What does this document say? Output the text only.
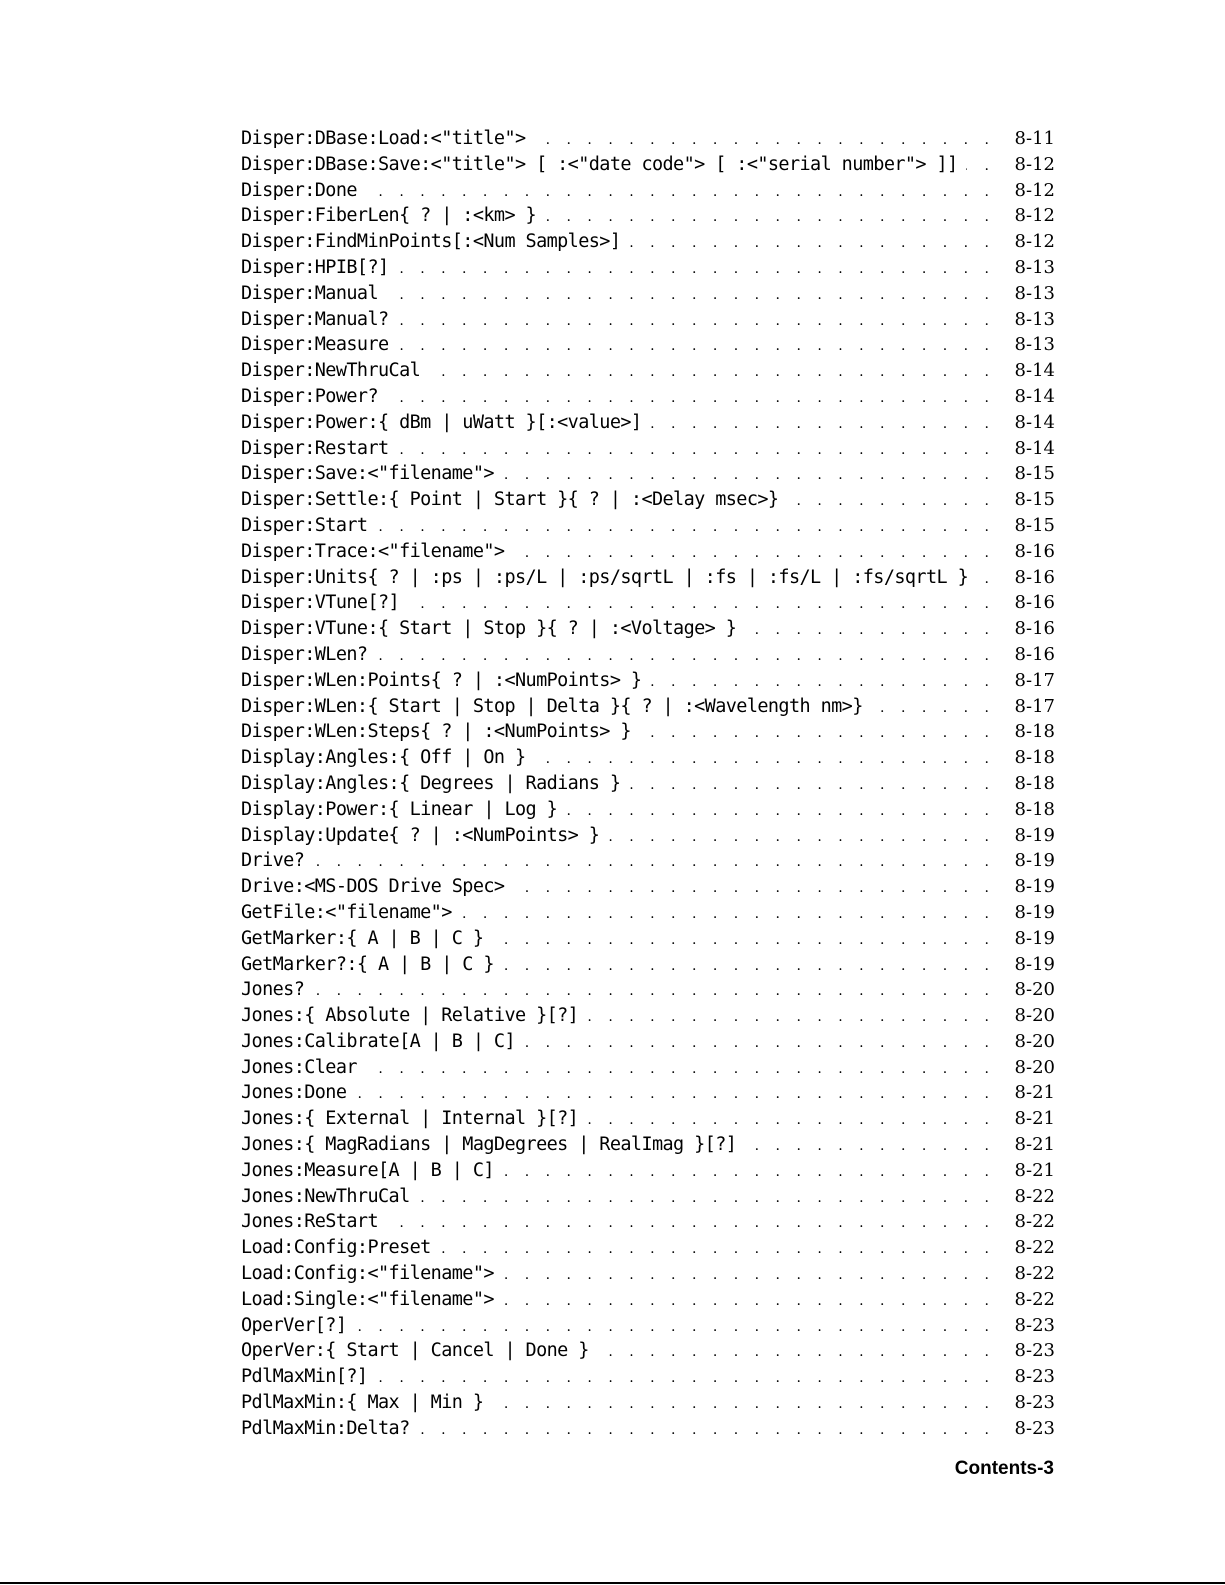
Disper:DBase:Load:<"title"> . . .	8-11
Disper:DBase:Save:<"title"> [ :<"date code"> [ :<"serial number"> ]] . . .	8-12
Disper:Done . . .	8-12
Disper:FiberLen{ ? | :<km> } . . .	8-12
Disper:FindMinPoints[:<Num Samples>] . . .	8-12
Disper:HPIB[?] . . .	8-13
Disper:Manual . . .	8-13
Disper:Manual? . . .	8-13
Disper:Measure . . .	8-13
Disper:NewThruCal . . .	8-14
Disper:Power? . . .	8-14
Disper:Power:{ dBm | uWatt }[:<value>] . . .	8-14
Disper:Restart . . .	8-14
Disper:Save:<"filename"> . . .	8-15
Disper:Settle:{ Point | Start }{ ? | :<Delay msec>} . . .	8-15
Disper:Start . . .	8-15
Disper:Trace:<"filename"> . . .	8-16
Disper:Units{ ? | :ps | :ps/L | :ps/sqrtL | :fs | :fs/L | :fs/sqrtL } . . .	8-16
Disper:VTune[?] . . .	8-16
Disper:VTune:{ Start | Stop }{ ? | :<Voltage> } . . .	8-16
Disper:WLen? . . .	8-16
Disper:WLen:Points{ ? | :<NumPoints> } . . .	8-17
Disper:WLen:{ Start | Stop | Delta }{ ? | :<Wavelength nm>} . . .	8-17
Disper:WLen:Steps{ ? | :<NumPoints> } . . .	8-18
Display:Angles:{ Off | On } . . .	8-18
Display:Angles:{ Degrees | Radians } . . .	8-18
Display:Power:{ Linear | Log } . . .	8-18
Display:Update{ ? | :<NumPoints> } . . .	8-19
Drive? . . .	8-19
Drive:<MS-DOS Drive Spec> . . .	8-19
GetFile:<"filename"> . . .	8-19
GetMarker:{ A | B | C } . . .	8-19
GetMarker?:{ A | B | C } . . .	8-19
Jones? . . .	8-20
Jones:{ Absolute | Relative }[?] . . .	8-20
Jones:Calibrate[A | B | C] . . .	8-20
Jones:Clear . . .	8-20
Jones:Done . . .	8-21
Jones:{ External | Internal }[?] . . .	8-21
Jones:{ MagRadians | MagDegrees | RealImag }[?] . . .	8-21
Jones:Measure[A | B | C] . . .	8-21
Jones:NewThruCal . . .	8-22
Jones:ReStart . . .	8-22
Load:Config:Preset . . .	8-22
Load:Config:<"filename"> . . .	8-22
Load:Single:<"filename"> . . .	8-22
OperVer[?] . . .	8-23
OperVer:{ Start | Cancel | Done } . . .	8-23
PdlMaxMin[?] . . .	8-23
PdlMaxMin:{ Max | Min } . . .	8-23
PdlMaxMin:Delta? . . .	8-23
Contents-3
